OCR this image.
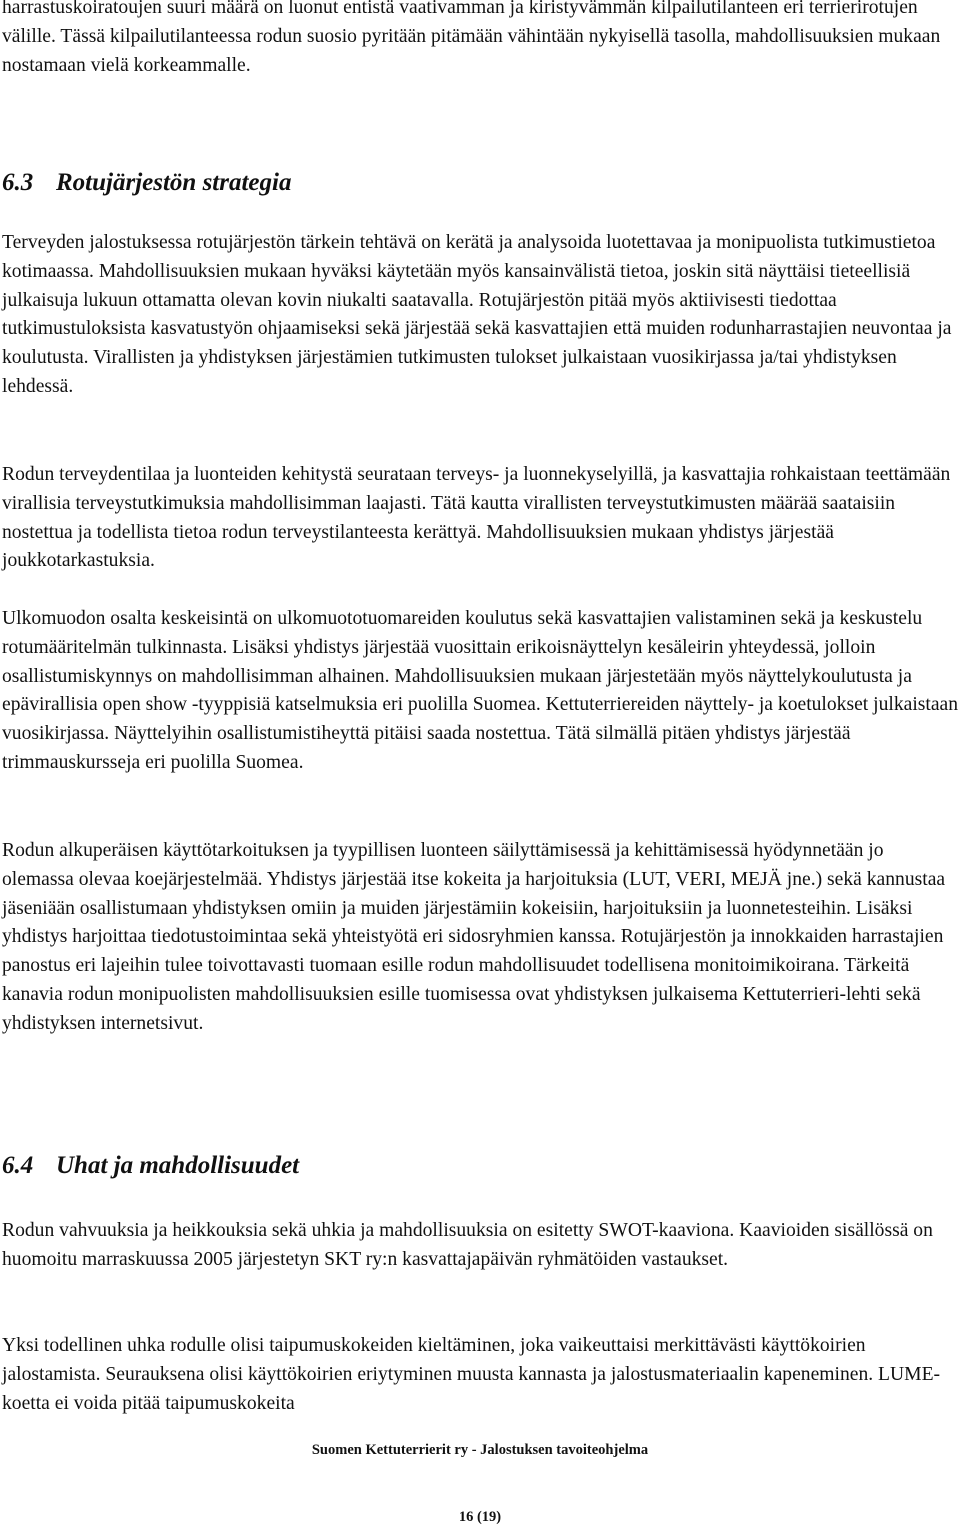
harrastuskoiratoujen suuri määrä on luonut entistä vaativamman ja kiristyvämmän kilpailutilanteen eri terrierirotujen välille. Tässä kilpailutilanteessa rodun suosio pyritään pitämään vähintään nykyisellä tasolla, mahdollisuuksien mukaan nostamaan vielä korkeammalle.

6.3 Rotujärjestön strategia

Terveyden jalostuksessa rotujärjestön tärkein tehtävä on kerätä ja analysoida luotettavaa ja monipuolista tutkimustietoa kotimaassa. Mahdollisuuksien mukaan hyväksi käytetään myös kansainvälistä tietoa, joskin sitä näyttäisi tieteellisiä julkaisuja lukuun ottamatta olevan kovin niukalti saatavalla. Rotujärjestön pitää myös aktiivisesti tiedottaa tutkimustuloksista kasvatustyön ohjaamiseksi sekä järjestää sekä kasvattajien että muiden rodunharrastajien neuvontaa ja koulutusta. Virallisten ja yhdistyksen järjestämien tutkimusten tulokset julkaistaan vuosikirjassa ja/tai yhdistyksen lehdessä.

Rodun terveydentilaa ja luonteiden kehitystä seurataan terveys- ja luonnekyselyillä, ja kasvattajia rohkaistaan teettämään virallisia terveystutkimuksia mahdollisimman laajasti. Tätä kautta virallisten terveystutkimusten määrää saataisiin nostettua ja todellista tietoa rodun terveystilanteesta kerättyä. Mahdollisuuksien mukaan yhdistys järjestää joukkotarkastuksia.

Ulkomuodon osalta keskeisintä on ulkomuototuomareiden koulutus sekä kasvattajien valistaminen sekä ja keskustelu rotumääritelmän tulkinnasta. Lisäksi yhdistys järjestää vuosittain erikoisnäyttelyn kesäleirin yhteydessä, jolloin osallistumiskynnys on mahdollisimman alhainen. Mahdollisuuksien mukaan järjestetään myös näyttelykoulutusta ja epävirallisia open show -tyyppisiä katselmuksia eri puolilla Suomea. Kettuterriereiden näyttely- ja koetulokset julkaistaan vuosikirjassa. Näyttelyihin osallistumistiheyttä pitäisi saada nostettua. Tätä silmällä pitäen yhdistys järjestää trimmauskursseja eri puolilla Suomea.

Rodun alkuperäisen käyttötarkoituksen ja tyypillisen luonteen säilyttämisessä ja kehittämisessä hyödynnetään jo olemassa olevaa koejärjestelmää. Yhdistys järjestää itse kokeita ja harjoituksia (LUT, VERI, MEJÄ jne.) sekä kannustaa jäseniään osallistumaan yhdistyksen omiin ja muiden järjestämiin kokeisiin, harjoituksiin ja luonnetesteihin. Lisäksi yhdistys harjoittaa tiedotustoimintaa sekä yhteistyötä eri sidosryhmien kanssa. Rotujärjestön ja innokkaiden harrastajien panostus eri lajeihin tulee toivottavasti tuomaan esille rodun mahdollisuudet todellisena monitoimikoirana. Tärkeitä kanavia rodun monipuolisten mahdollisuuksien esille tuomisessa ovat yhdistyksen julkaisema Kettuterrieri-lehti sekä yhdistyksen internetsivut.

6.4 Uhat ja mahdollisuudet

Rodun vahvuuksia ja heikkouksia sekä uhkia ja mahdollisuuksia on esitetty SWOT-kaaviona. Kaavioiden sisällössä on huomoitu marraskuussa 2005 järjestetyn SKT ry:n kasvattajapäivän ryhmätöiden vastaukset.

Yksi todellinen uhka rodulle olisi taipumuskokeiden kieltäminen, joka vaikeuttaisi merkittävästi käyttökoirien jalostamista. Seurauksena olisi käyttökoirien eriytyminen muusta kannasta ja jalostusmateriaalin kapeneminen. LUME-koetta ei voida pitää taipumuskokeita

Suomen Kettuterrierit ry - Jalostuksen tavoiteohjelma
16 (19)
